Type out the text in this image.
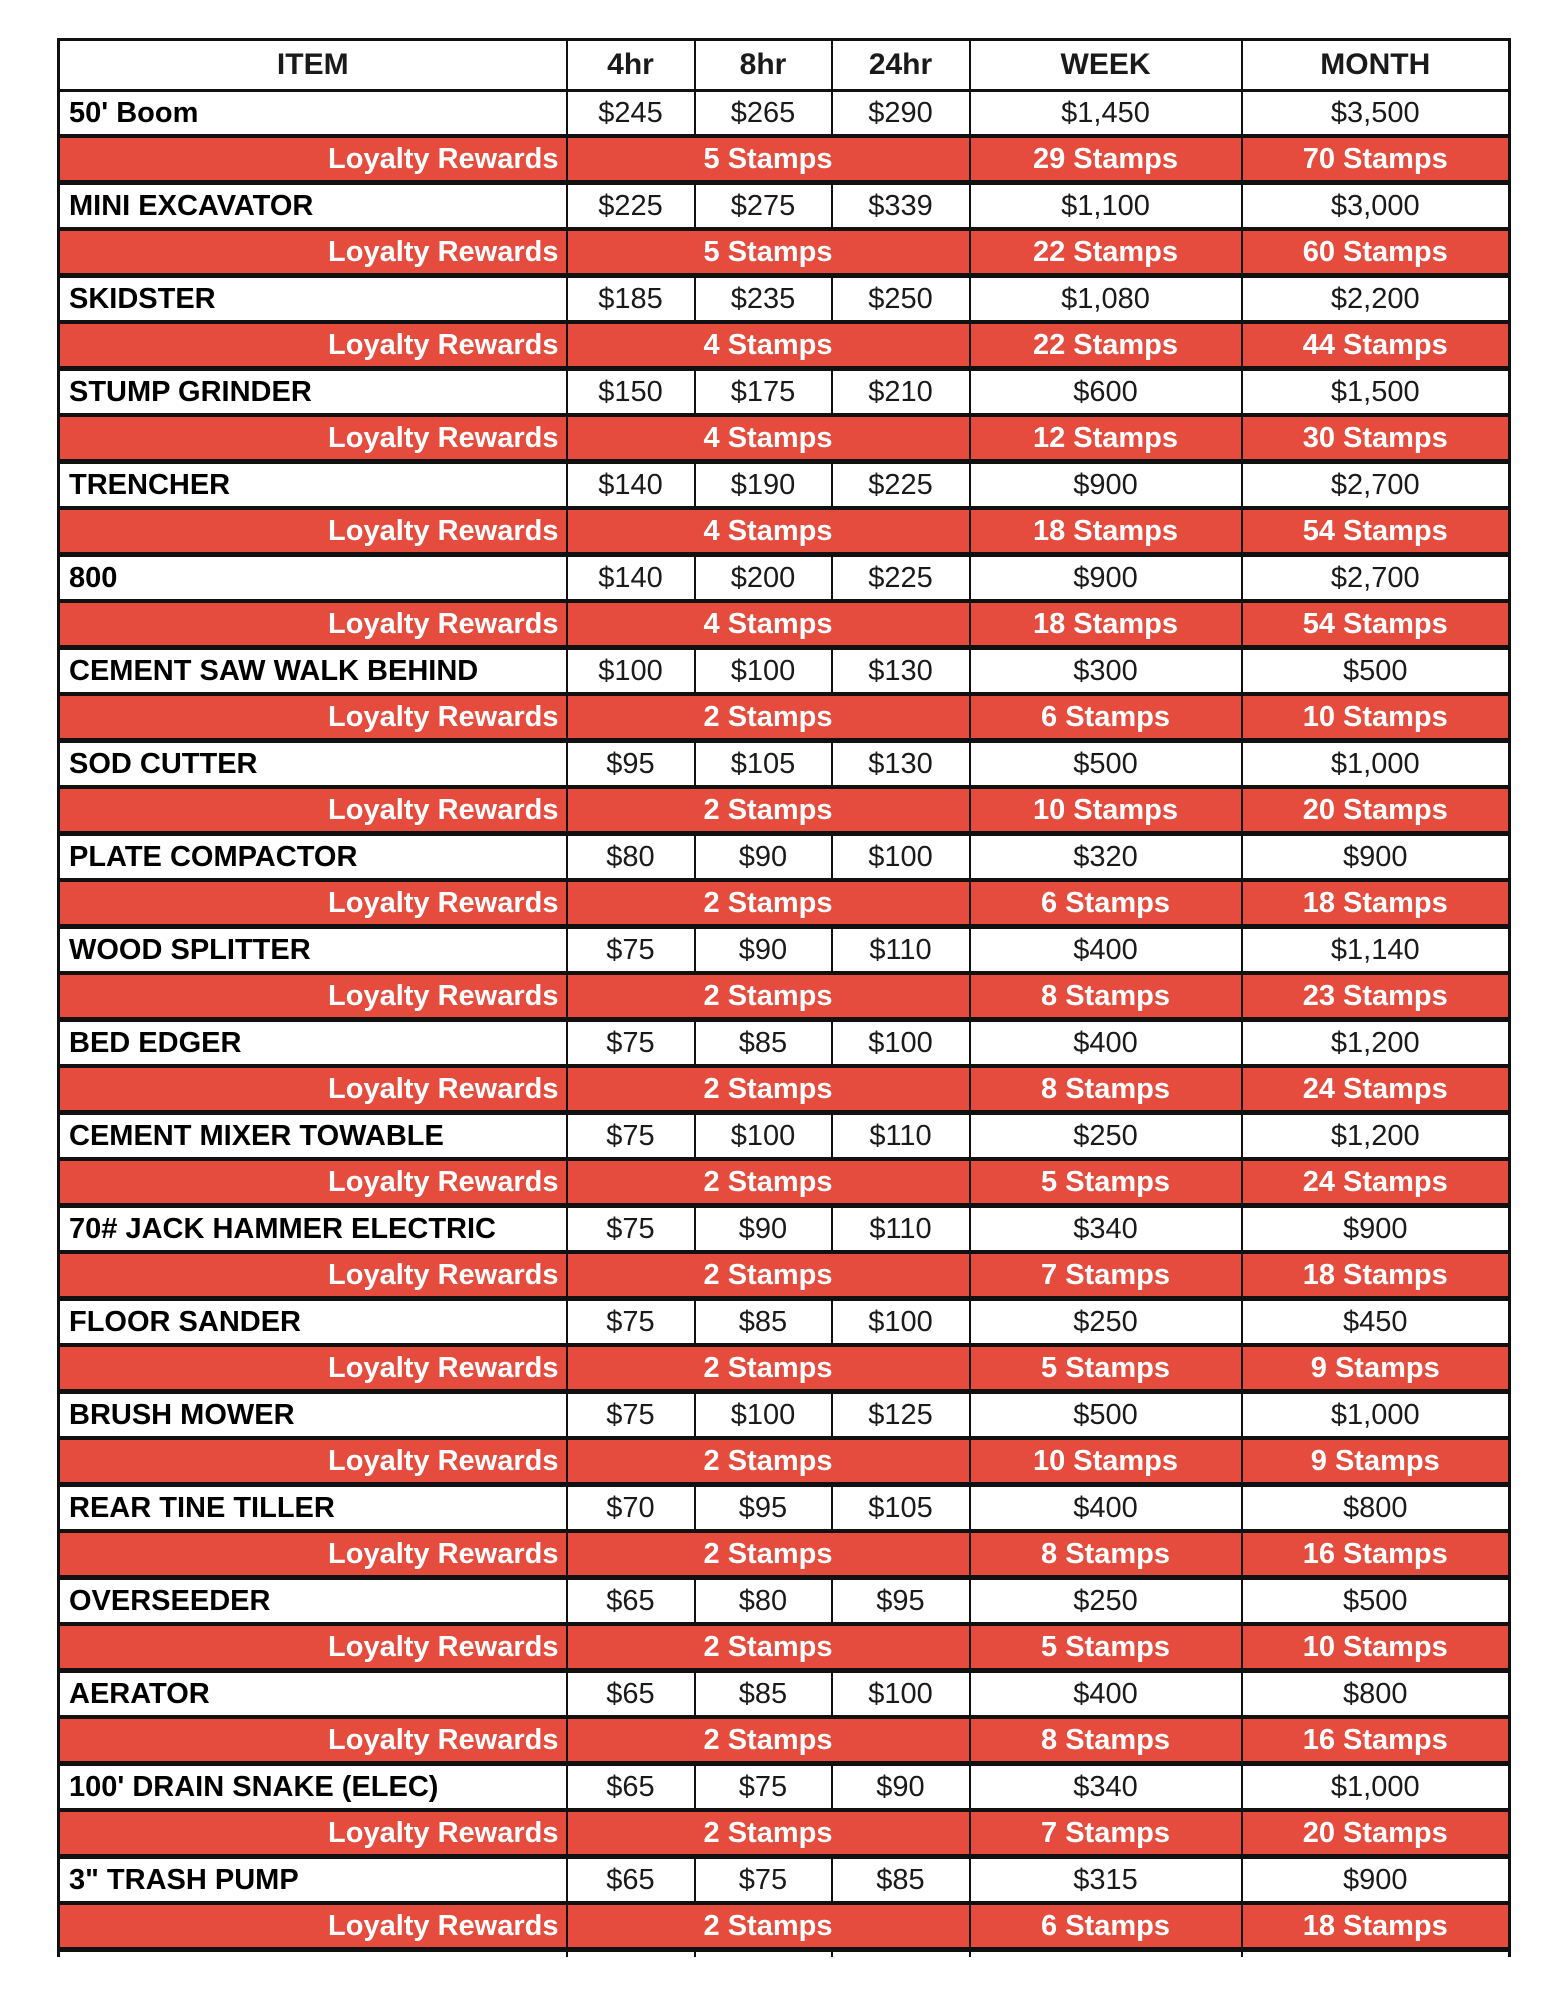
ITEM	4hr	8hr	24hr	WEEK	MONTH
50' Boom	$245	$265	$290	$1,450	$3,500
Loyalty Rewards	5 Stamps			29 Stamps	70 Stamps
MINI EXCAVATOR	$225	$275	$339	$1,100	$3,000
Loyalty Rewards	5 Stamps			22 Stamps	60 Stamps
SKIDSTER	$185	$235	$250	$1,080	$2,200
Loyalty Rewards	4 Stamps			22 Stamps	44 Stamps
STUMP GRINDER	$150	$175	$210	$600	$1,500
Loyalty Rewards	4 Stamps			12 Stamps	30 Stamps
TRENCHER	$140	$190	$225	$900	$2,700
Loyalty Rewards	4 Stamps			18 Stamps	54 Stamps
800	$140	$200	$225	$900	$2,700
Loyalty Rewards	4 Stamps			18 Stamps	54 Stamps
CEMENT SAW WALK BEHIND	$100	$100	$130	$300	$500
Loyalty Rewards	2 Stamps			6 Stamps	10 Stamps
SOD CUTTER	$95	$105	$130	$500	$1,000
Loyalty Rewards	2 Stamps			10 Stamps	20 Stamps
PLATE COMPACTOR	$80	$90	$100	$320	$900
Loyalty Rewards	2 Stamps			6 Stamps	18 Stamps
WOOD SPLITTER	$75	$90	$110	$400	$1,140
Loyalty Rewards	2 Stamps			8 Stamps	23 Stamps
BED EDGER	$75	$85	$100	$400	$1,200
Loyalty Rewards	2 Stamps			8 Stamps	24 Stamps
CEMENT MIXER TOWABLE	$75	$100	$110	$250	$1,200
Loyalty Rewards	2 Stamps			5 Stamps	24 Stamps
70# JACK HAMMER ELECTRIC	$75	$90	$110	$340	$900
Loyalty Rewards	2 Stamps			7 Stamps	18 Stamps
FLOOR SANDER	$75	$85	$100	$250	$450
Loyalty Rewards	2 Stamps			5 Stamps	9 Stamps
BRUSH MOWER	$75	$100	$125	$500	$1,000
Loyalty Rewards	2 Stamps			10 Stamps	9 Stamps
REAR TINE TILLER	$70	$95	$105	$400	$800
Loyalty Rewards	2 Stamps			8 Stamps	16 Stamps
OVERSEEDER	$65	$80	$95	$250	$500
Loyalty Rewards	2 Stamps			5 Stamps	10 Stamps
AERATOR	$65	$85	$100	$400	$800
Loyalty Rewards	2 Stamps			8 Stamps	16 Stamps
100' DRAIN SNAKE (ELEC)	$65	$75	$90	$340	$1,000
Loyalty Rewards	2 Stamps			7 Stamps	20 Stamps
3" TRASH PUMP	$65	$75	$85	$315	$900
Loyalty Rewards	2 Stamps			6 Stamps	18 Stamps
